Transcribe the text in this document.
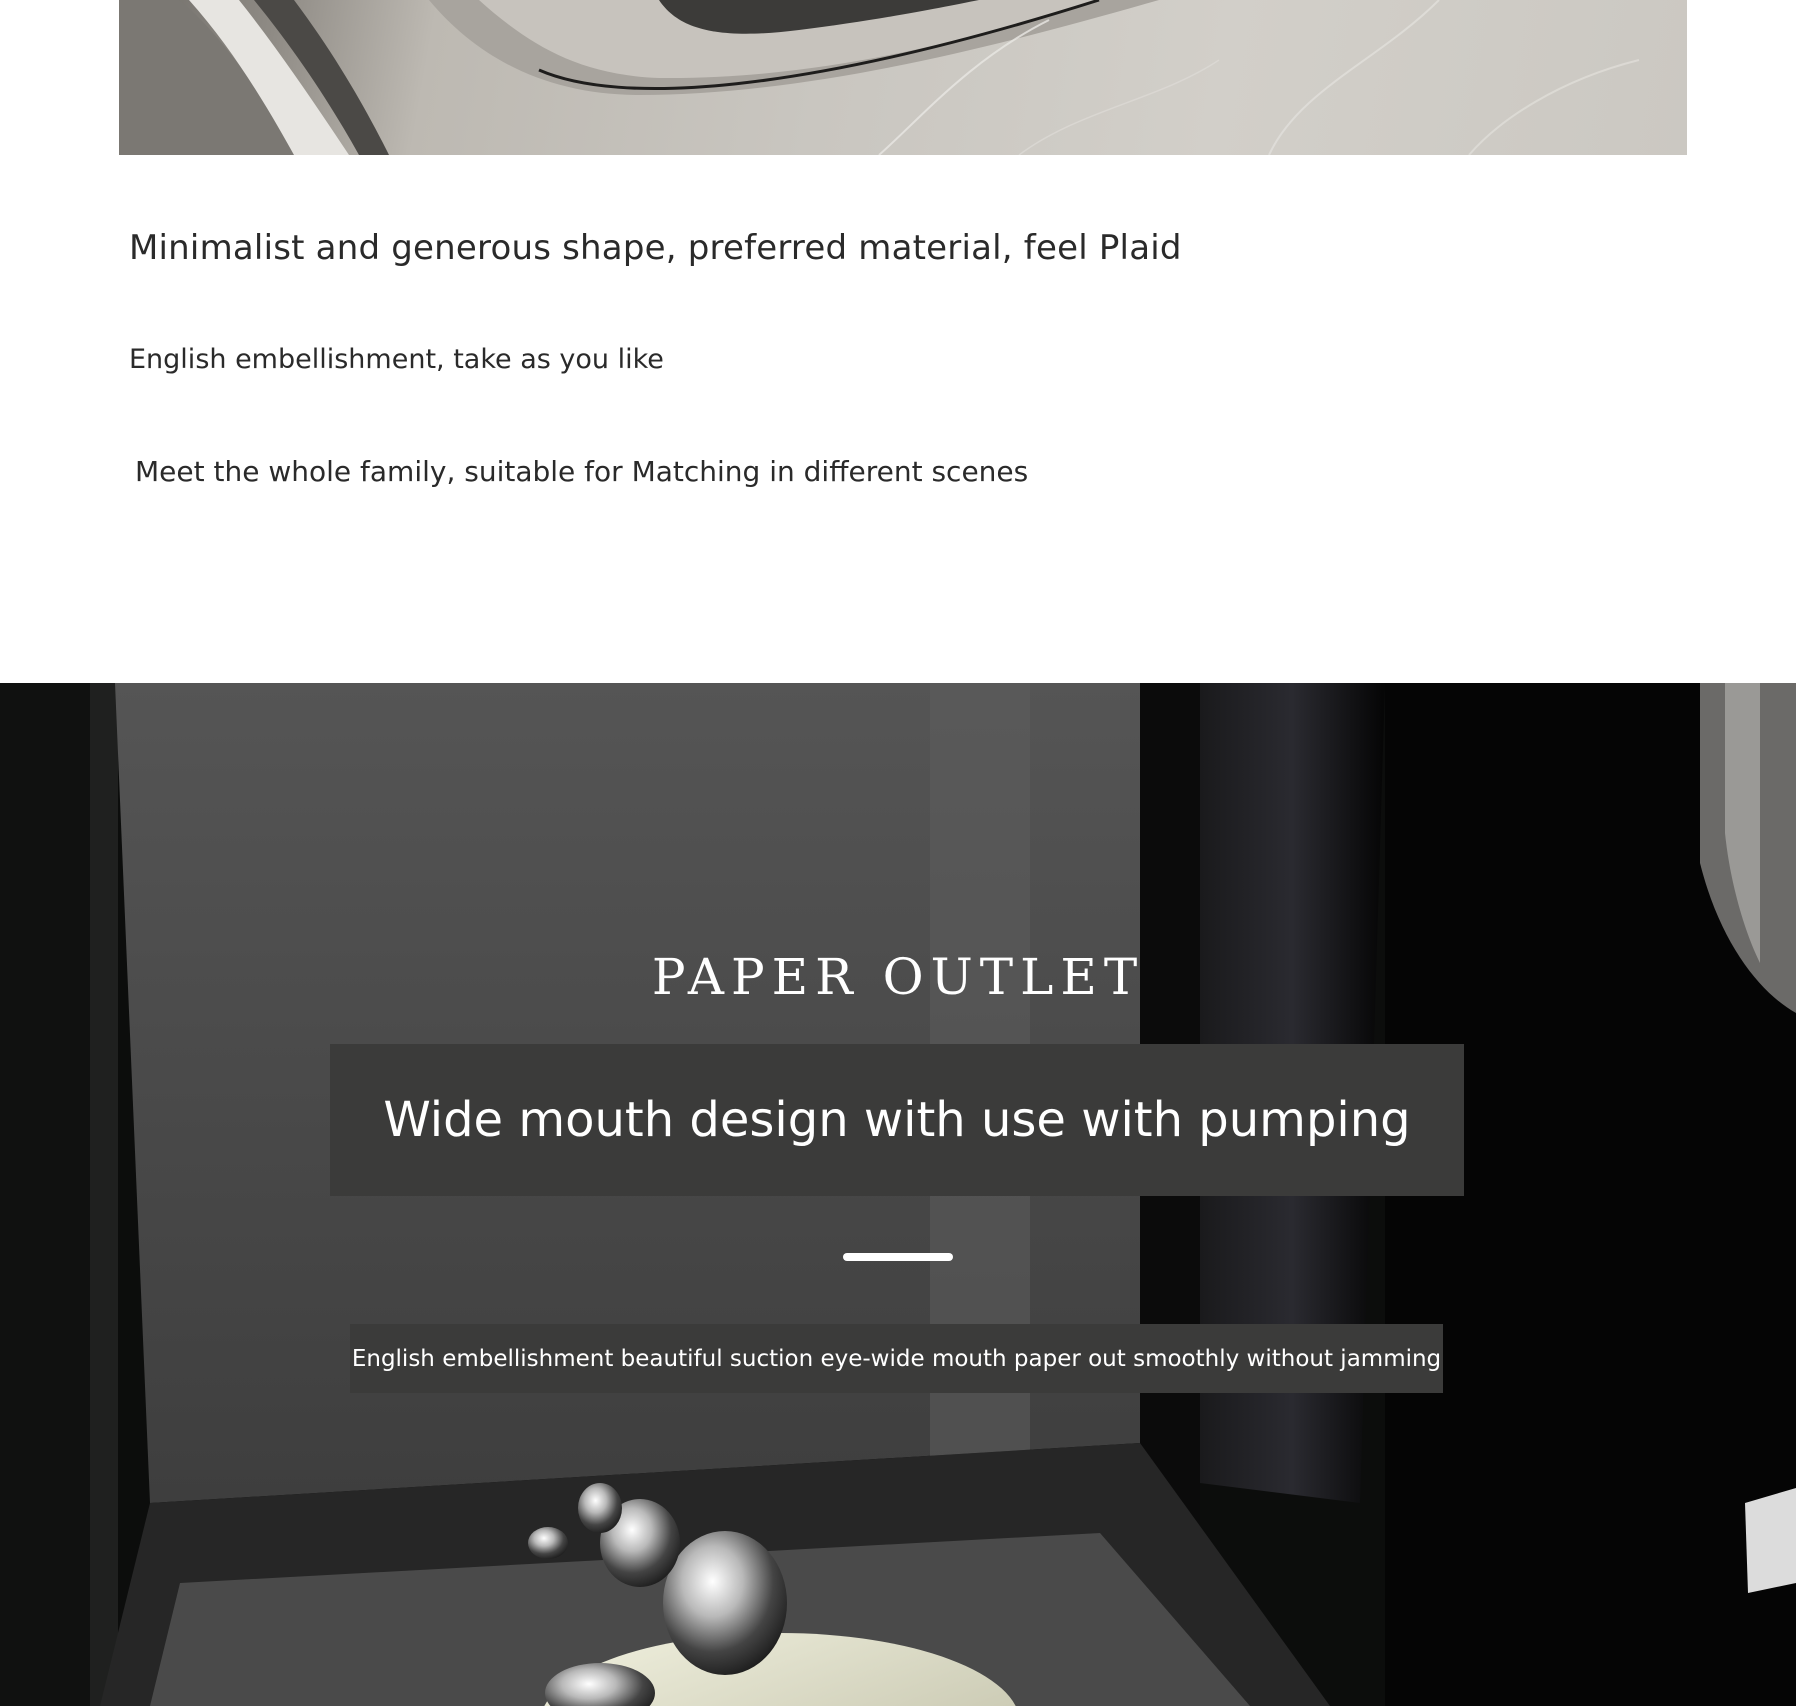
Minimalist and generous shape, preferred material, feel Plaid

English embellishment, take as you like

Meet the whole family, suitable for Matching in different scenes

PAPER OUTLET
Wide mouth design with use with pumping

English embellishment beautiful suction eye-wide mouth paper out smoothly without jamming
